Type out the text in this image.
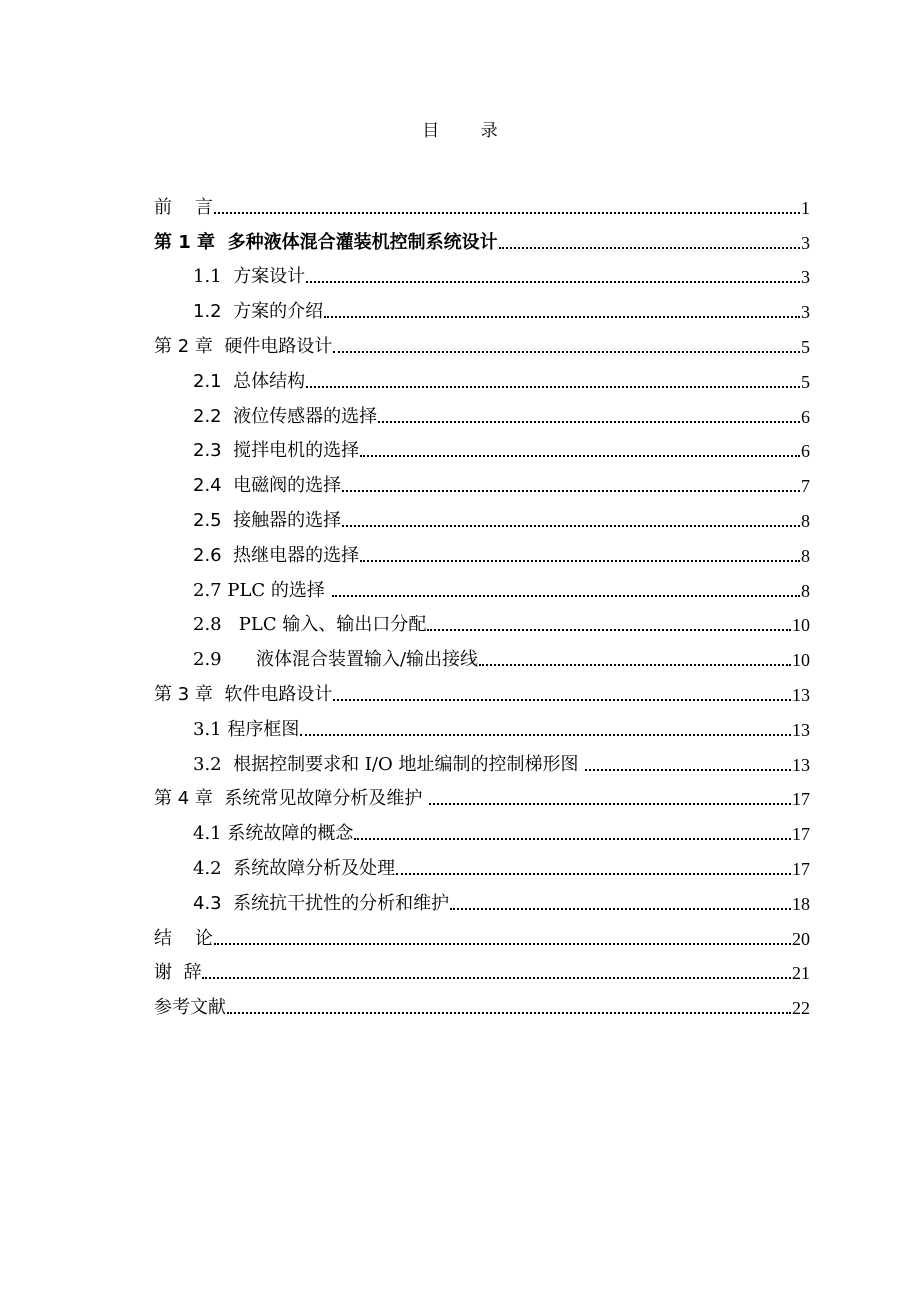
目 录
前    言	1
第 1 章  多种液体混合灌装机控制系统设计	3
1.1  方案设计	3
1.2  方案的介绍	3
第 2 章  硬件电路设计	5
2.1  总体结构	5
2.2  液位传感器的选择	6
2.3  搅拌电机的选择	6
2.4  电磁阀的选择	7
2.5  接触器的选择	8
2.6  热继电器的选择	8
2.7 PLC 的选择	8
2.8   PLC 输入、输出口分配	10
2.9      液体混合装置输入/输出接线	10
第 3 章  软件电路设计	13
3.1 程序框图	13
3.2  根据控制要求和 I/O 地址编制的控制梯形图	13
第 4 章  系统常见故障分析及维护	17
4.1 系统故障的概念	17
4.2  系统故障分析及处理	17
4.3  系统抗干扰性的分析和维护	18
结    论	20
谢  辞	21
参考文献	22
